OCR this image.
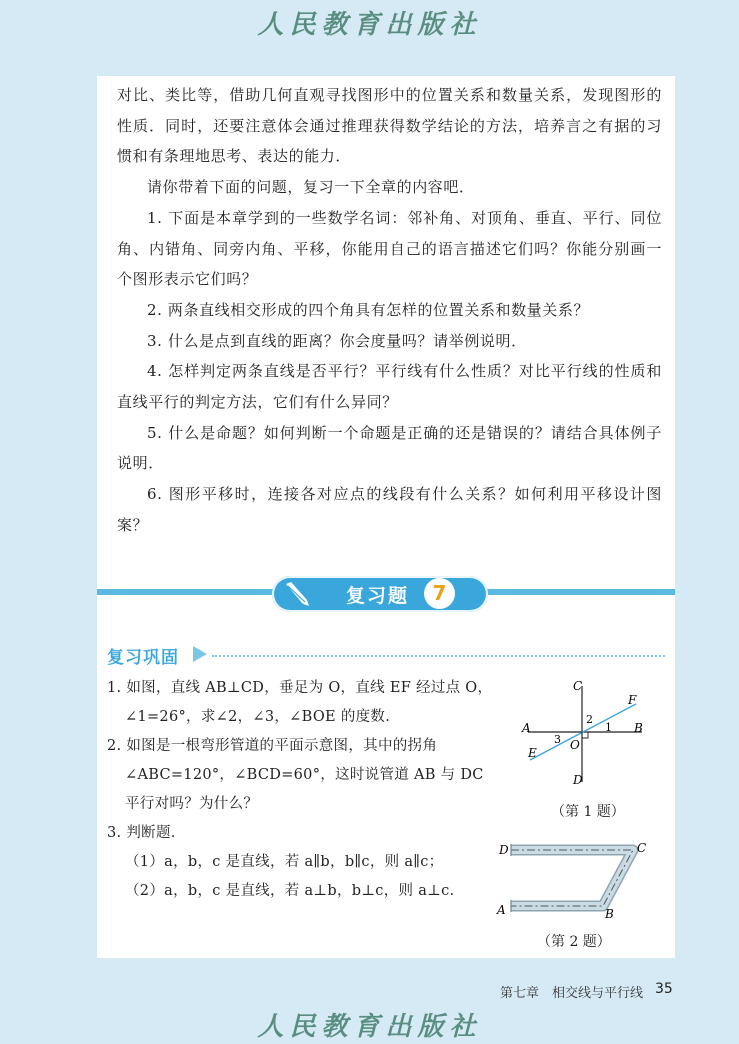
人民教育出版社

对比、类比等，借助几何直观寻找图形中的位置关系和数量关系，发现图形的性质．同时，还要注意体会通过推理获得数学结论的方法，培养言之有据的习惯和有条理地思考、表达的能力．

请你带着下面的问题，复习一下全章的内容吧．

1. 下面是本章学到的一些数学名词：邻补角、对顶角、垂直、平行、同位角、内错角、同旁内角、平移，你能用自己的语言描述它们吗？你能分别画一个图形表示它们吗？

2. 两条直线相交形成的四个角具有怎样的位置关系和数量关系？

3. 什么是点到直线的距离？你会度量吗？请举例说明．

4. 怎样判定两条直线是否平行？平行线有什么性质？对比平行线的性质和直线平行的判定方法，它们有什么异同？

5. 什么是命题？如何判断一个命题是正确的还是错误的？请结合具体例子说明．

6. 图形平移时，连接各对应点的线段有什么关系？如何利用平移设计图案？

复习题	7
复习巩固

1. 如图，直线 AB⊥CD，垂足为 O，直线 EF 经过点 O，

∠1=26°，求∠2，∠3，∠BOE 的度数.

2. 如图是一根弯形管道的平面示意图，其中的拐角

∠ABC=120°，∠BCD=60°，这时说管道 AB 与 DC

平行对吗？为什么？

3. 判断题.

（1）a，b，c 是直线，若 a∥b，b∥c，则 a∥c；

（2）a，b，c 是直线，若 a⊥b，b⊥c，则 a⊥c.

C
D
A	B
E
F
O
1
2
3
（第 1 题）
D	C
A	B
（第 2 题）
第七章　相交线与平行线 35
人民教育出版社
